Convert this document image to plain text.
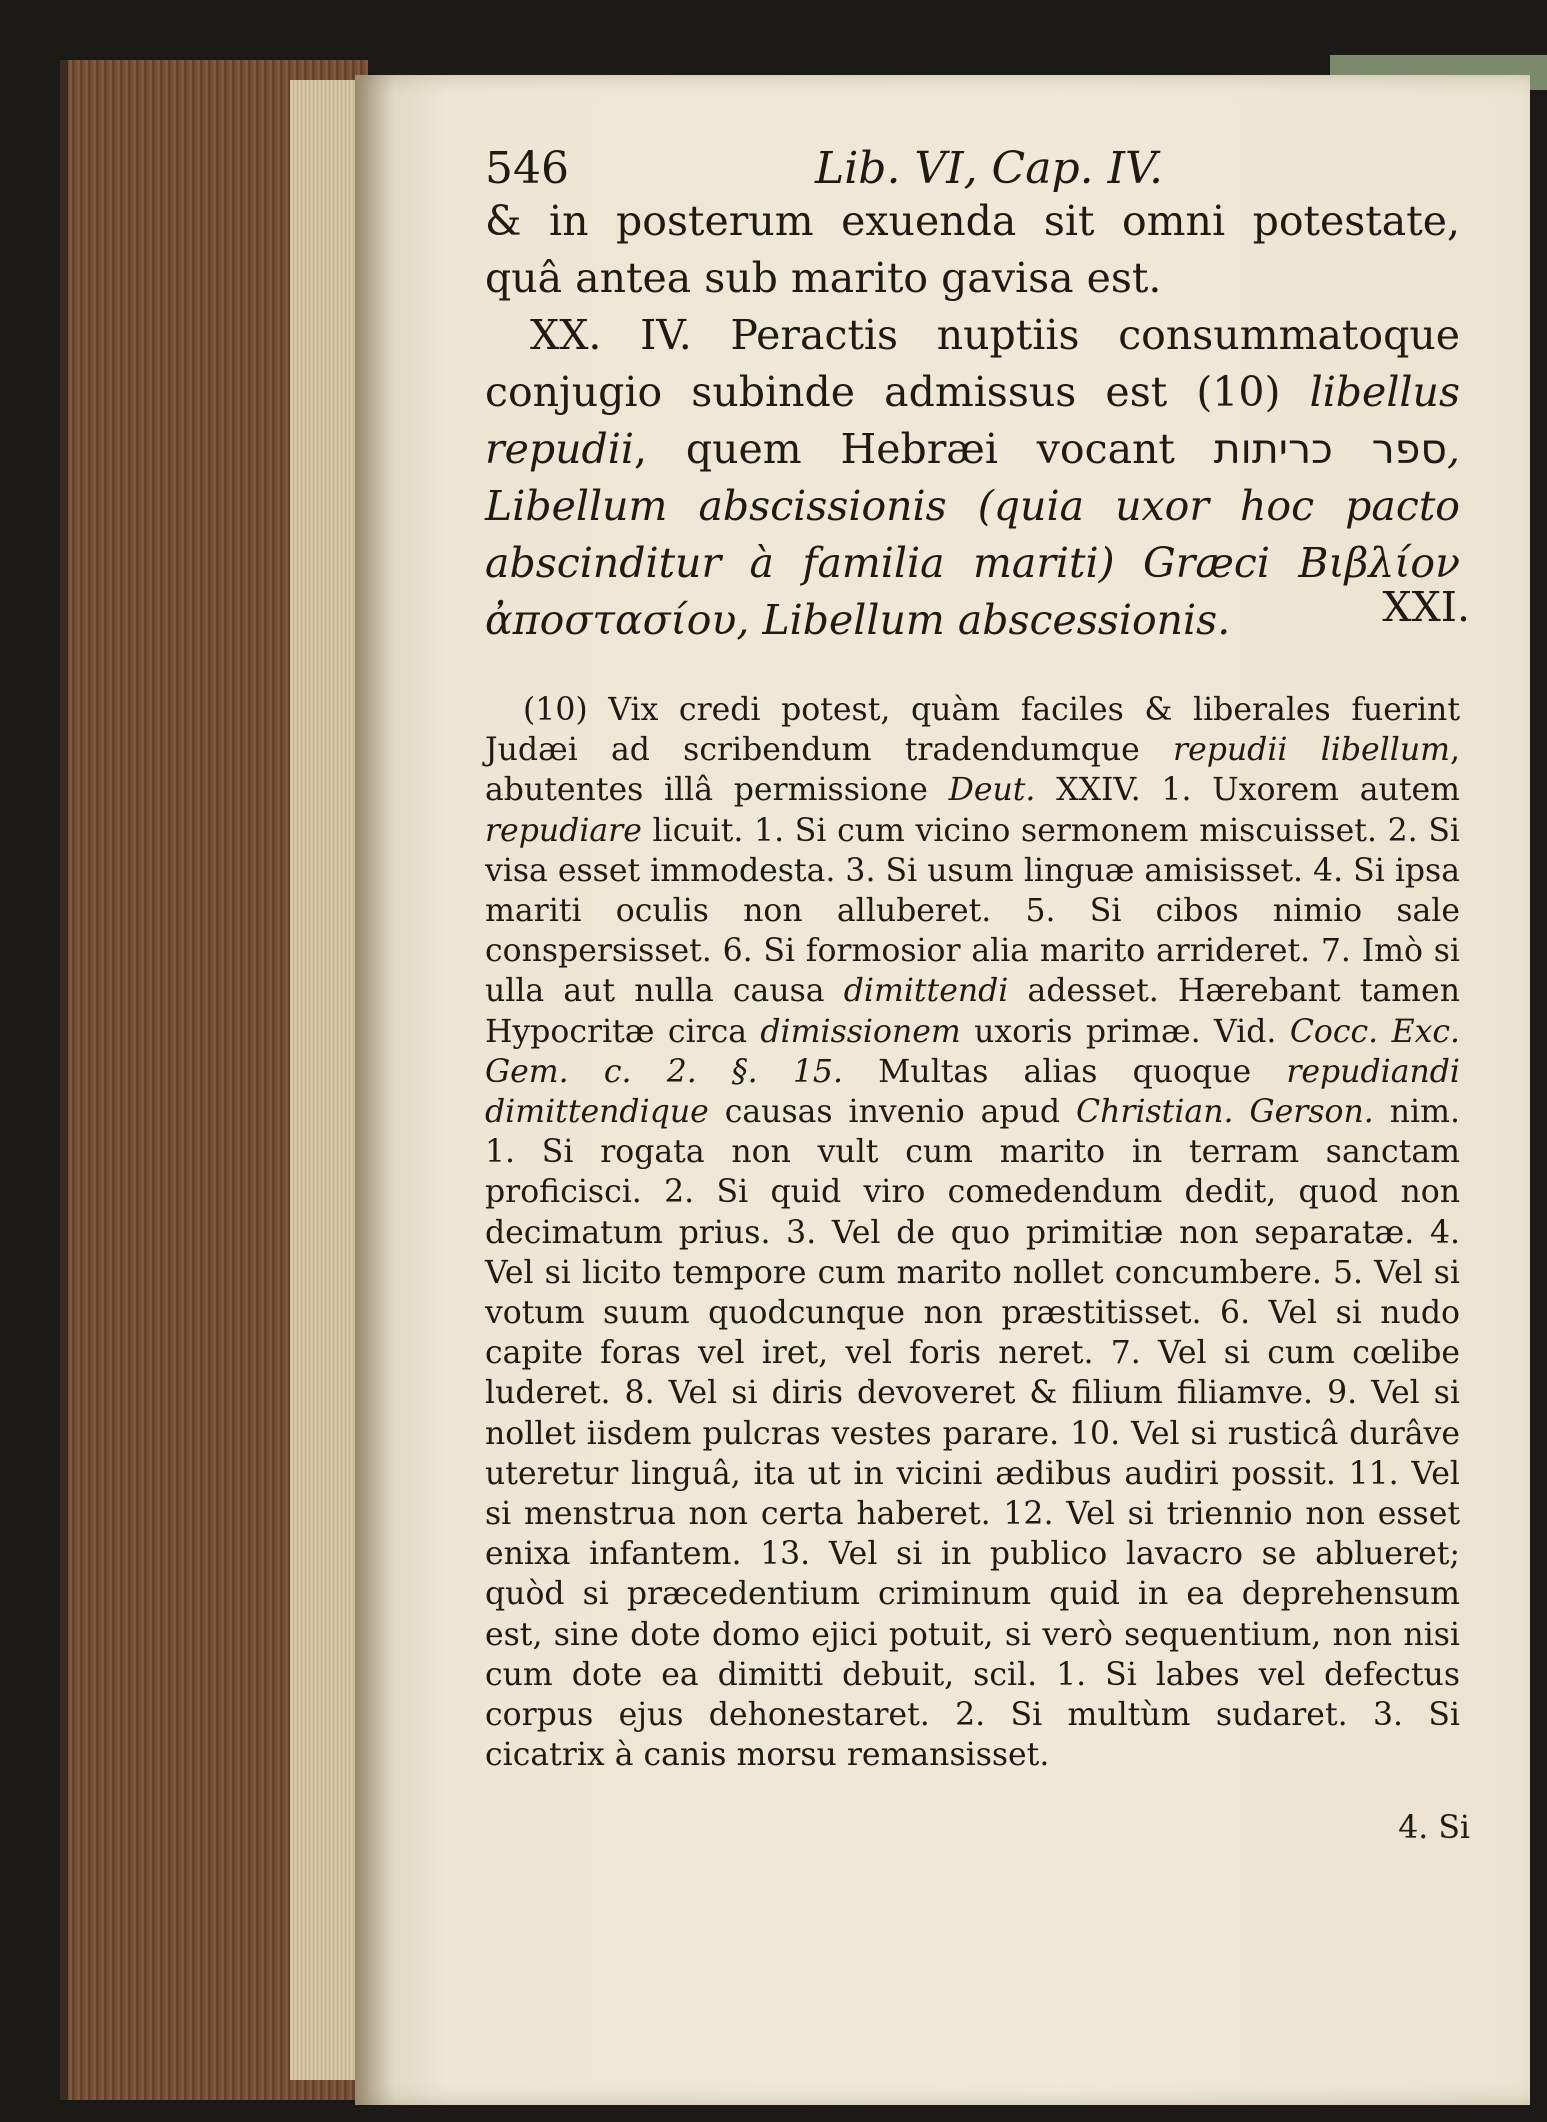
546	Lib. VI, Cap. IV.

& in posterum exuenda sit omni potestate, quâ antea sub marito gavisa est.

XX. IV. Peractis nuptiis consummatoque conjugio subinde admissus est (10) libellus repudii, quem Hebræi vocant ספר כריתות, Libellum abscissionis (quia uxor hoc pacto abscinditur à familia mariti) Græci Βιβλίον ἀποστασίου, Libellum abscessionis.	XXI.

(10) Vix credi potest, quàm faciles & liberales fuerint Judæi ad scribendum tradendumque repudii libellum, abutentes illâ permissione Deut. XXIV. 1. Uxorem autem repudiare licuit. 1. Si cum vicino sermonem miscuisset. 2. Si visa esset immodesta. 3. Si usum linguæ amisisset. 4. Si ipsa mariti oculis non alluberet. 5. Si cibos nimio sale conspersisset. 6. Si formosior alia marito arrideret. 7. Imò si ulla aut nulla causa dimittendi adesset. Hærebant tamen Hypocritæ circa dimissionem uxoris primæ. Vid. Cocc. Exc. Gem. c. 2. §. 15. Multas alias quoque repudiandi dimittendique causas invenio apud Christian. Gerson. nim. 1. Si rogata non vult cum marito in terram sanctam proficisci. 2. Si quid viro comedendum dedit, quod non decimatum prius. 3. Vel de quo primitiæ non separatæ. 4. Vel si licito tempore cum marito nollet concumbere. 5. Vel si votum suum quodcunque non præstitisset. 6. Vel si nudo capite foras vel iret, vel foris neret. 7. Vel si cum cœlibe luderet. 8. Vel si diris devoveret & filium filiamve. 9. Vel si nollet iisdem pulcras vestes parare. 10. Vel si rusticâ durâve uteretur linguâ, ita ut in vicini ædibus audiri possit. 11. Vel si menstrua non certa haberet. 12. Vel si triennio non esset enixa infantem. 13. Vel si in publico lavacro se ablueret; quòd si præcedentium criminum quid in ea deprehensum est, sine dote domo ejici potuit, si verò sequentium, non nisi cum dote ea dimitti debuit, scil. 1. Si labes vel defectus corpus ejus dehonestaret. 2. Si multùm sudaret. 3. Si cicatrix à canis morsu remansisset.

4. Si
